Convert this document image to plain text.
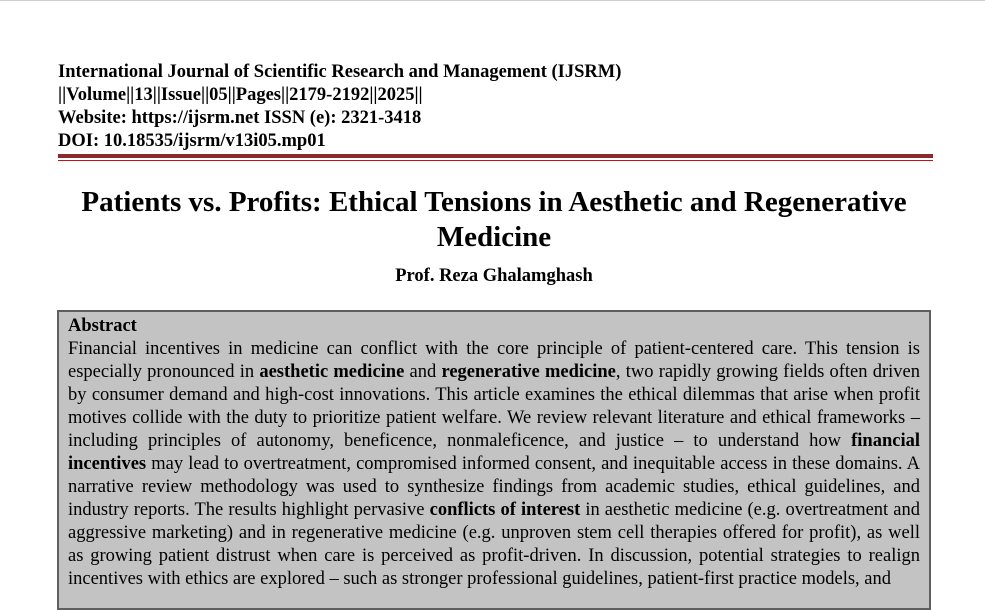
International Journal of Scientific Research and Management (IJSRM)
||Volume||13||Issue||05||Pages||2179-2192||2025||
Website: https://ijsrm.net ISSN (e): 2321-3418
DOI: 10.18535/ijsrm/v13i05.mp01
Patients vs. Profits: Ethical Tensions in Aesthetic and Regenerative Medicine
Prof. Reza Ghalamghash
Abstract
Financial incentives in medicine can conflict with the core principle of patient-centered care. This tension is especially pronounced in aesthetic medicine and regenerative medicine, two rapidly growing fields often driven by consumer demand and high-cost innovations. This article examines the ethical dilemmas that arise when profit motives collide with the duty to prioritize patient welfare. We review relevant literature and ethical frameworks – including principles of autonomy, beneficence, nonmaleficence, and justice – to understand how financial incentives may lead to overtreatment, compromised informed consent, and inequitable access in these domains. A narrative review methodology was used to synthesize findings from academic studies, ethical guidelines, and industry reports. The results highlight pervasive conflicts of interest in aesthetic medicine (e.g. overtreatment and aggressive marketing) and in regenerative medicine (e.g. unproven stem cell therapies offered for profit), as well as growing patient distrust when care is perceived as profit-driven. In discussion, potential strategies to realign incentives with ethics are explored – such as stronger professional guidelines, patient-first practice models, and
